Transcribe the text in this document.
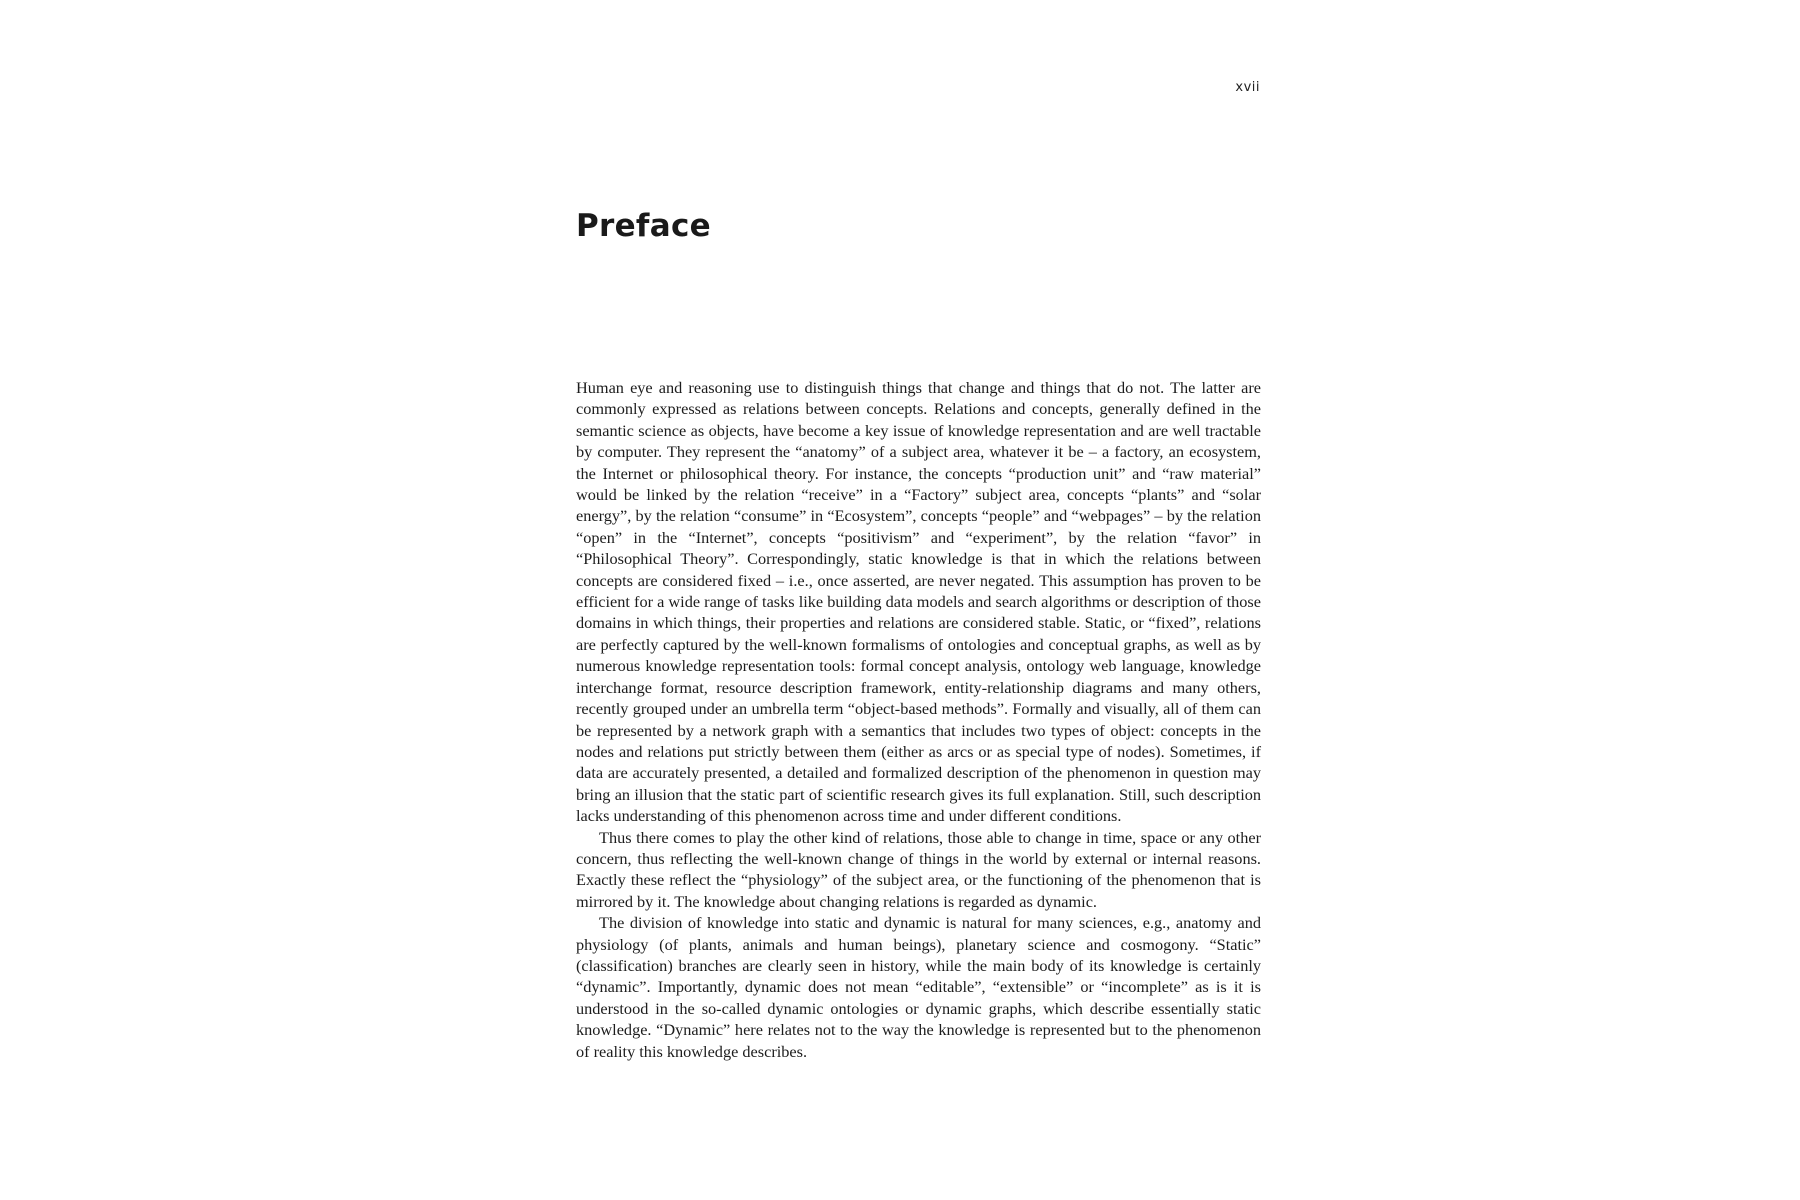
xvii
Preface

Human eye and reasoning use to distinguish things that change and things that do not. The latter are commonly expressed as relations between concepts. Relations and concepts, generally defined in the semantic science as objects, have become a key issue of knowledge representation and are well tractable by computer. They represent the “anatomy” of a subject area, whatever it be – a factory, an ecosystem, the Internet or philosophical theory. For instance, the concepts “production unit” and “raw material” would be linked by the relation “receive” in a “Factory” subject area, concepts “plants” and “solar energy”, by the relation “consume” in “Ecosystem”, concepts “people” and “webpages” – by the relation “open” in the “Internet”, concepts “positivism” and “experiment”, by the relation “favor” in “Philosophical Theory”. Correspondingly, static knowledge is that in which the relations between concepts are considered fixed – i.e., once asserted, are never negated. This assumption has proven to be efficient for a wide range of tasks like building data models and search algorithms or description of those domains in which things, their properties and relations are considered stable. Static, or “fixed”, relations are perfectly captured by the well-known formalisms of ontologies and conceptual graphs, as well as by numerous knowledge representation tools: formal concept analysis, ontology web language, knowledge interchange format, resource description framework, entity-relationship diagrams and many others, recently grouped under an umbrella term “object-based methods”. Formally and visually, all of them can be represented by a network graph with a semantics that includes two types of object: concepts in the nodes and relations put strictly between them (either as arcs or as special type of nodes). Sometimes, if data are accurately presented, a detailed and formalized description of the phenomenon in question may bring an illusion that the static part of scientific research gives its full explanation. Still, such description lacks understanding of this phenomenon across time and under different conditions.

Thus there comes to play the other kind of relations, those able to change in time, space or any other concern, thus reflecting the well-known change of things in the world by external or internal reasons. Exactly these reflect the “physiology” of the subject area, or the functioning of the phenomenon that is mirrored by it. The knowledge about changing relations is regarded as dynamic.

The division of knowledge into static and dynamic is natural for many sciences, e.g., anatomy and physiology (of plants, animals and human beings), planetary science and cosmogony. “Static” (classification) branches are clearly seen in history, while the main body of its knowledge is certainly “dynamic”. Importantly, dynamic does not mean “editable”, “extensible” or “incomplete” as is it is understood in the so-called dynamic ontologies or dynamic graphs, which describe essentially static knowledge. “Dynamic” here relates not to the way the knowledge is represented but to the phenomenon of reality this knowledge describes.
